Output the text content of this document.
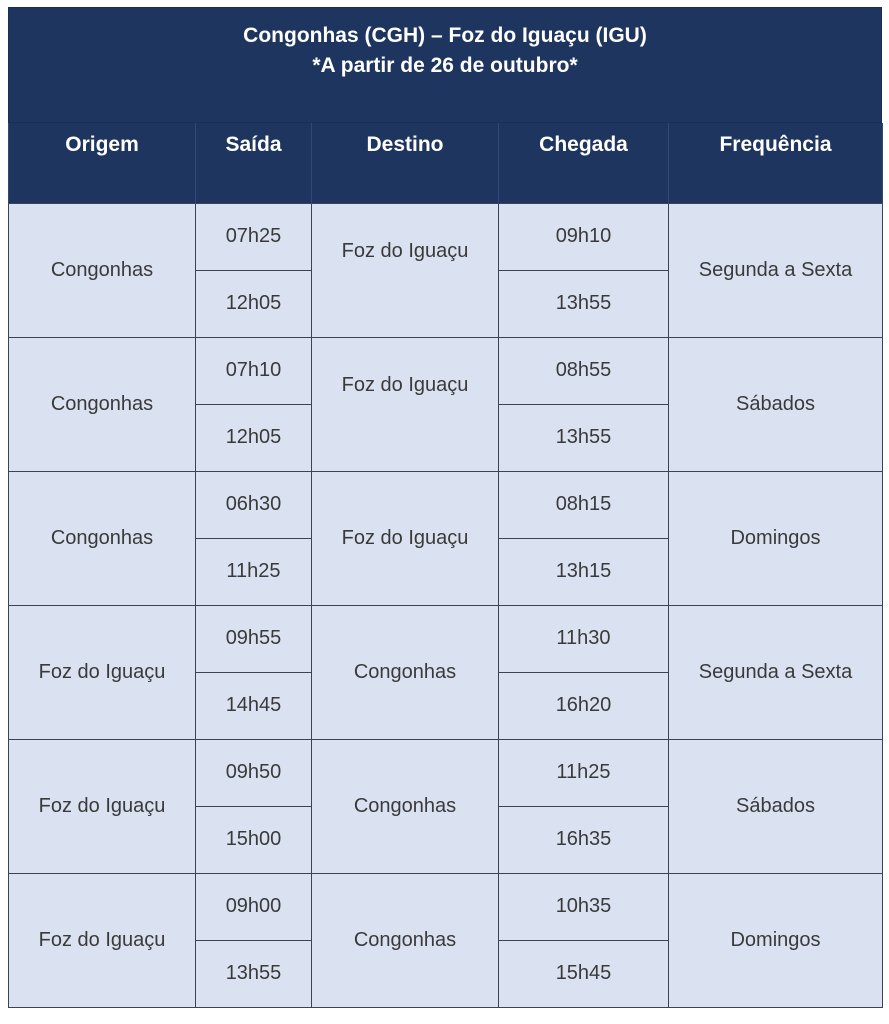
Congonhas (CGH) – Foz do Iguaçu (IGU)
*A partir de 26 de outubro*
Origem	Saída	Destino	Chegada	Frequência
Congonhas	07h25	Foz do Iguaçu	09h10	Segunda a Sexta
	12h05		13h55	
Congonhas	07h10	Foz do Iguaçu	08h55	Sábados
	12h05		13h55	
Congonhas	06h30	Foz do Iguaçu	08h15	Domingos
	11h25		13h15	
Foz do Iguaçu	09h55	Congonhas	11h30	Segunda a Sexta
	14h45		16h20	
Foz do Iguaçu	09h50	Congonhas	11h25	Sábados
	15h00		16h35	
Foz do Iguaçu	09h00	Congonhas	10h35	Domingos
	13h55		15h45	
